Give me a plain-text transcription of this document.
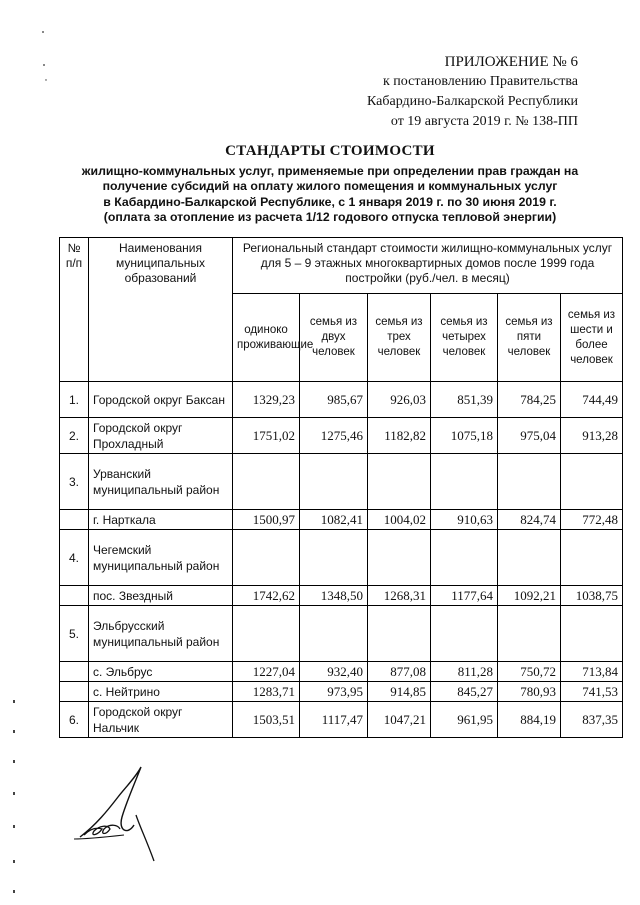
ПРИЛОЖЕНИЕ № 6
к постановлению Правительства
Кабардино-Балкарской Республики
от 19 августа 2019 г. № 138-ПП
СТАНДАРТЫ СТОИМОСТИ
жилищно-коммунальных услуг, применяемые при определении прав граждан на
получение субсидий на оплату жилого помещения и коммунальных услуг
в Кабардино-Балкарской Республике, с 1 января 2019 г. по 30 июня 2019 г.
(оплата за отопление из расчета 1/12 годового отпуска тепловой энергии)
№ п/п	Наименования муниципальных образований	Региональный стандарт стоимости жилищно-коммунальных услуг для 5 – 9 этажных многоквартирных домов после 1999 года постройки (руб./чел. в месяц)					
		одиноко проживающие	семья из двух человек	семья из трех человек	семья из четырех человек	семья из пяти человек	семья из шести и более человек
1.	Городской округ Баксан	1329,23	985,67	926,03	851,39	784,25	744,49
2.	Городской округ Прохладный	1751,02	1275,46	1182,82	1075,18	975,04	913,28
3.	Урванский муниципальный район						
	г. Нарткала	1500,97	1082,41	1004,02	910,63	824,74	772,48
4.	Чегемский муниципальный район						
	пос. Звездный	1742,62	1348,50	1268,31	1177,64	1092,21	1038,75
5.	Эльбрусский муниципальный район						
	с. Эльбрус	1227,04	932,40	877,08	811,28	750,72	713,84
	с. Нейтрино	1283,71	973,95	914,85	845,27	780,93	741,53
6.	Городской округ Нальчик	1503,51	1117,47	1047,21	961,95	884,19	837,35
